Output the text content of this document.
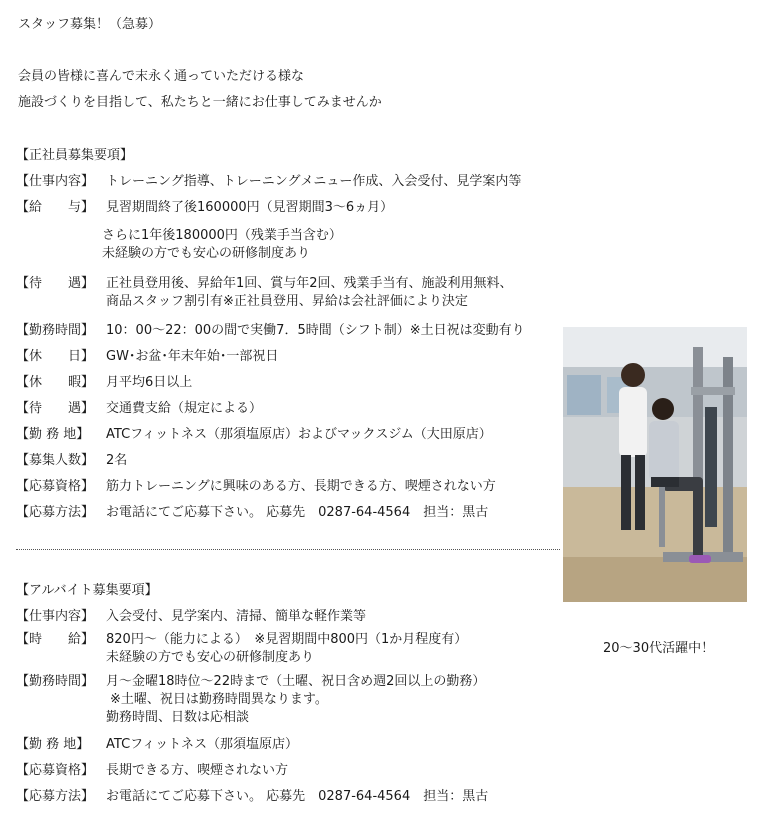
スタッフ募集！（急募）
会員の皆様に喜んで末永く通っていただける様な
施設づくりを目指して、私たちと一緒にお仕事してみませんか
【正社員募集要項】
【仕事内容】 トレーニング指導、トレーニングメニュー作成、入会受付、見学案内等
【給　　与】 見習期間終了後160000円（見習期間3～6ヵ月）
さらに1年後180000円（残業手当含む）
未経験の方でも安心の研修制度あり
【待　　遇】 正社員登用後、昇給年1回、賞与年2回、残業手当有、施設利用無料、
商品スタッフ割引有※正社員登用、昇給は会社評価により決定
【勤務時間】 10：00～22：00の間で実働7．5時間（シフト制）※土日祝は変動有り
【休　　日】 GW･お盆･年末年始･一部祝日
【休　　暇】 月平均6日以上
【待　　遇】 交通費支給（規定による）
【勤 務 地】	ATCフィットネス（那須塩原店）およびマックスジム（大田原店）
【募集人数】 2名
【応募資格】 筋力トレーニングに興味のある方、長期できる方、喫煙されない方
【応募方法】 お電話にてご応募下さい。 応募先　0287-64-4564　担当：黒古
【アルバイト募集要項】
【仕事内容】 入会受付、見学案内、清掃、簡単な軽作業等
【時　　給】 820円～（能力による）　※見習期間中800円（1か月程度有）
未経験の方でも安心の研修制度あり
【勤務時間】 月～金曜18時位～22時まで（土曜、祝日含め週2回以上の勤務）
※土曜、祝日は勤務時間異なります。
勤務時間、日数は応相談
【勤 務 地】	ATCフィットネス（那須塩原店）
【応募資格】 長期できる方、喫煙されない方
【応募方法】 お電話にてご応募下さい。 応募先　0287-64-4564　担当：黒古
20～30代活躍中！
